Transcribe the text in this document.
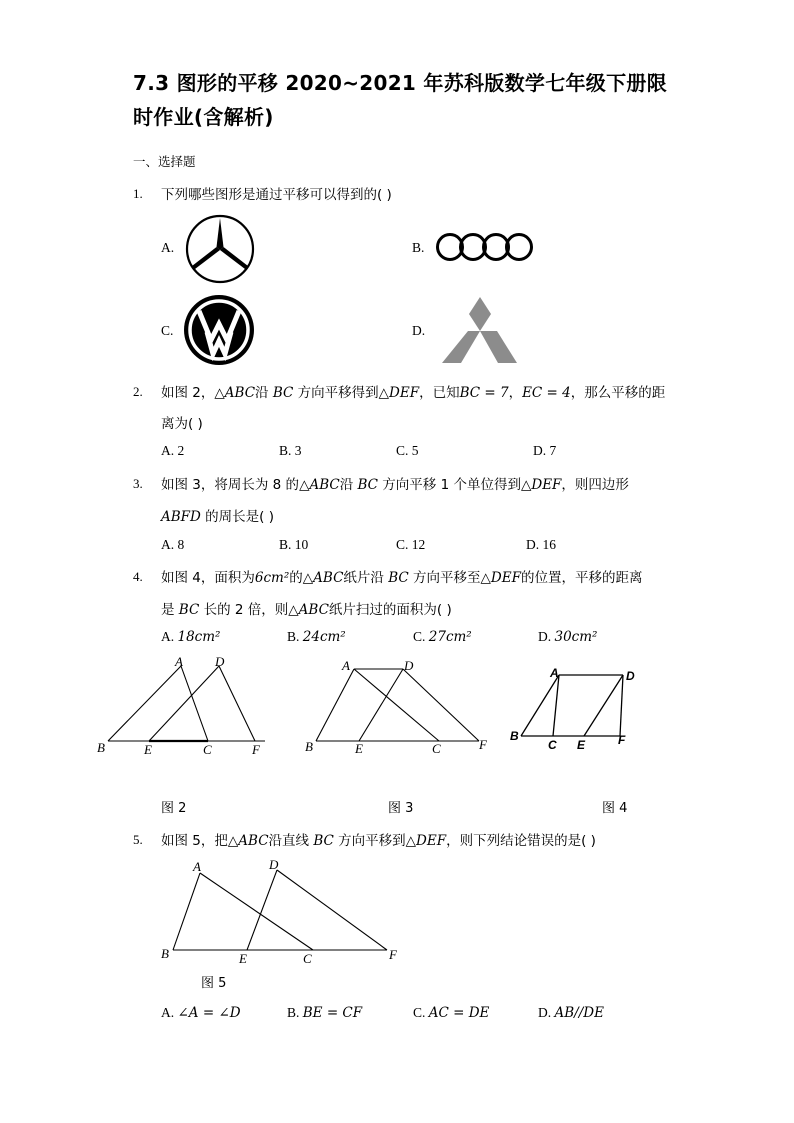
7.3 图形的平移 2020~2021 年苏科版数学七年级下册限
时作业(含解析)
一、选择题
1. 下列哪些图形是通过平移可以得到的( )
A.	B.
C.	D.
2. 如图 2，△ABC沿 BC 方向平移得到△DEF，已知BC = 7，EC = 4，那么平移的距
离为( )
A. 2	B. 3	C. 5	D. 7
3. 如图 3，将周长为 8 的△ABC沿 BC 方向平移 1 个单位得到△DEF，则四边形
ABFD 的周长是( )
A. 8	B. 10	C. 12	D. 16
4. 如图 4，面积为6cm²的△ABC纸片沿 BC 方向平移至△DEF的位置，平移的距离
是 BC 长的 2 倍，则△ABC纸片扫过的面积为( )
A. 18cm²	B. 24cm²	C. 27cm²	D. 30cm²
A D
B	E	C	F
图 2
A	D
B	E	C	F
图 3
A	D
B
C E	F
图 4
5. 如图 5，把△ABC沿直线 BC 方向平移到△DEF，则下列结论错误的是( )
A	D
B	E	C	F
图 5
A. ∠A = ∠D	B. BE = CF	C. AC = DE	D. AB//DE
